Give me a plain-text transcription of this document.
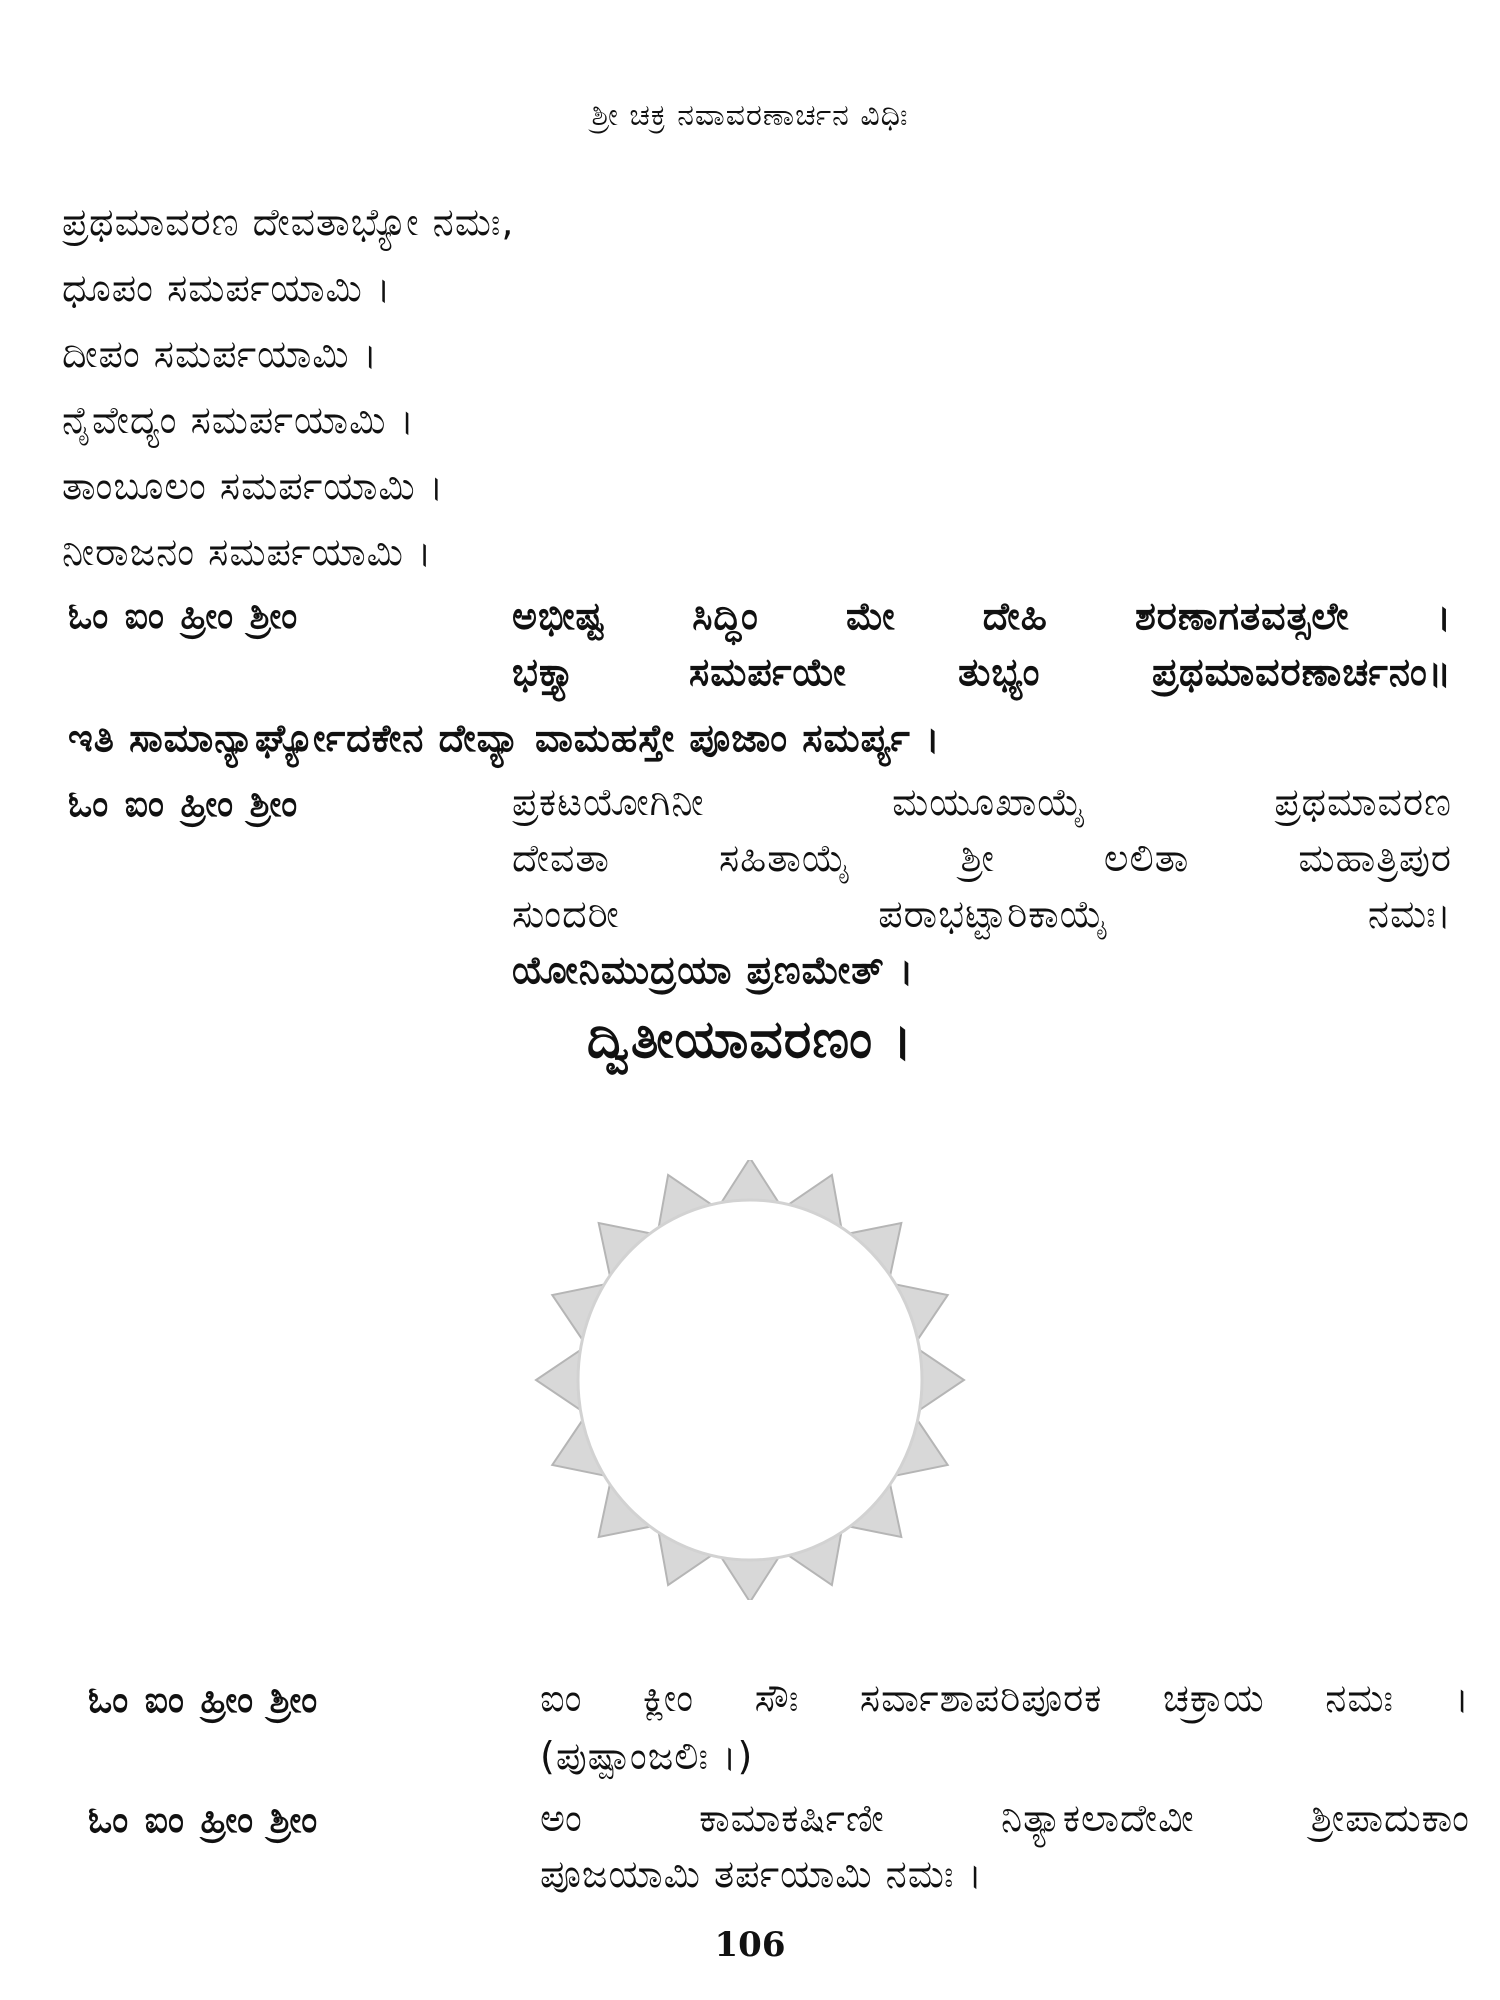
ಶ್ರೀ ಚಕ್ರ ನವಾವರಣಾರ್ಚನ ವಿಧಿಃ
ಪ್ರಥಮಾವರಣ ದೇವತಾಭ್ಯೋ ನಮಃ,
ಧೂಪಂ ಸಮರ್ಪಯಾಮಿ ।
ದೀಪಂ ಸಮರ್ಪಯಾಮಿ ।
ನೈವೇದ್ಯಂ ಸಮರ್ಪಯಾಮಿ ।
ತಾಂಬೂಲಂ ಸಮರ್ಪಯಾಮಿ ।
ನೀರಾಜನಂ ಸಮರ್ಪಯಾಮಿ ।
ಓಂ ಐಂ ಹ್ರೀಂ ಶ್ರೀಂ	ಅಭೀಷ್ಟ ಸಿದ್ಧಿಂ ಮೇ ದೇಹಿ ಶರಣಾಗತವತ್ಸಲೇ ।
ಭಕ್ತ್ಯಾ ಸಮರ್ಪಯೇ ತುಭ್ಯಂ ಪ್ರಥಮಾವರಣಾರ್ಚನಂ॥
ಇತಿ ಸಾಮಾನ್ಯಾರ್ಘ್ಯೋದಕೇನ ದೇವ್ಯಾ ವಾಮಹಸ್ತೇ ಪೂಜಾಂ ಸಮರ್ಪ್ಯ ।
ಓಂ ಐಂ ಹ್ರೀಂ ಶ್ರೀಂ	ಪ್ರಕಟಯೋಗಿನೀ ಮಯೂಖಾಯೈ ಪ್ರಥಮಾವರಣ
ದೇವತಾ ಸಹಿತಾಯೈ ಶ್ರೀ ಲಲಿತಾ ಮಹಾತ್ರಿಪುರ
ಸುಂದರೀ ಪರಾಭಟ್ಟಾರಿಕಾಯೈ ನಮಃ।
ಯೋನಿಮುದ್ರಯಾ ಪ್ರಣಮೇತ್ ।
ದ್ವಿತೀಯಾವರಣಂ ।
ಓಂ ಐಂ ಹ್ರೀಂ ಶ್ರೀಂ	ಐಂ ಕ್ಲೀಂ ಸೌಃ ಸರ್ವಾಶಾಪರಿಪೂರಕ ಚಕ್ರಾಯ ನಮಃ ।
(ಪುಷ್ಪಾಂಜಲಿಃ ।)
ಓಂ ಐಂ ಹ್ರೀಂ ಶ್ರೀಂ	ಅಂ ಕಾಮಾಕರ್ಷಿಣೀ ನಿತ್ಯಾಕಲಾದೇವೀ ಶ್ರೀಪಾದುಕಾಂ
ಪೂಜಯಾಮಿ ತರ್ಪಯಾಮಿ ನಮಃ ।
106
